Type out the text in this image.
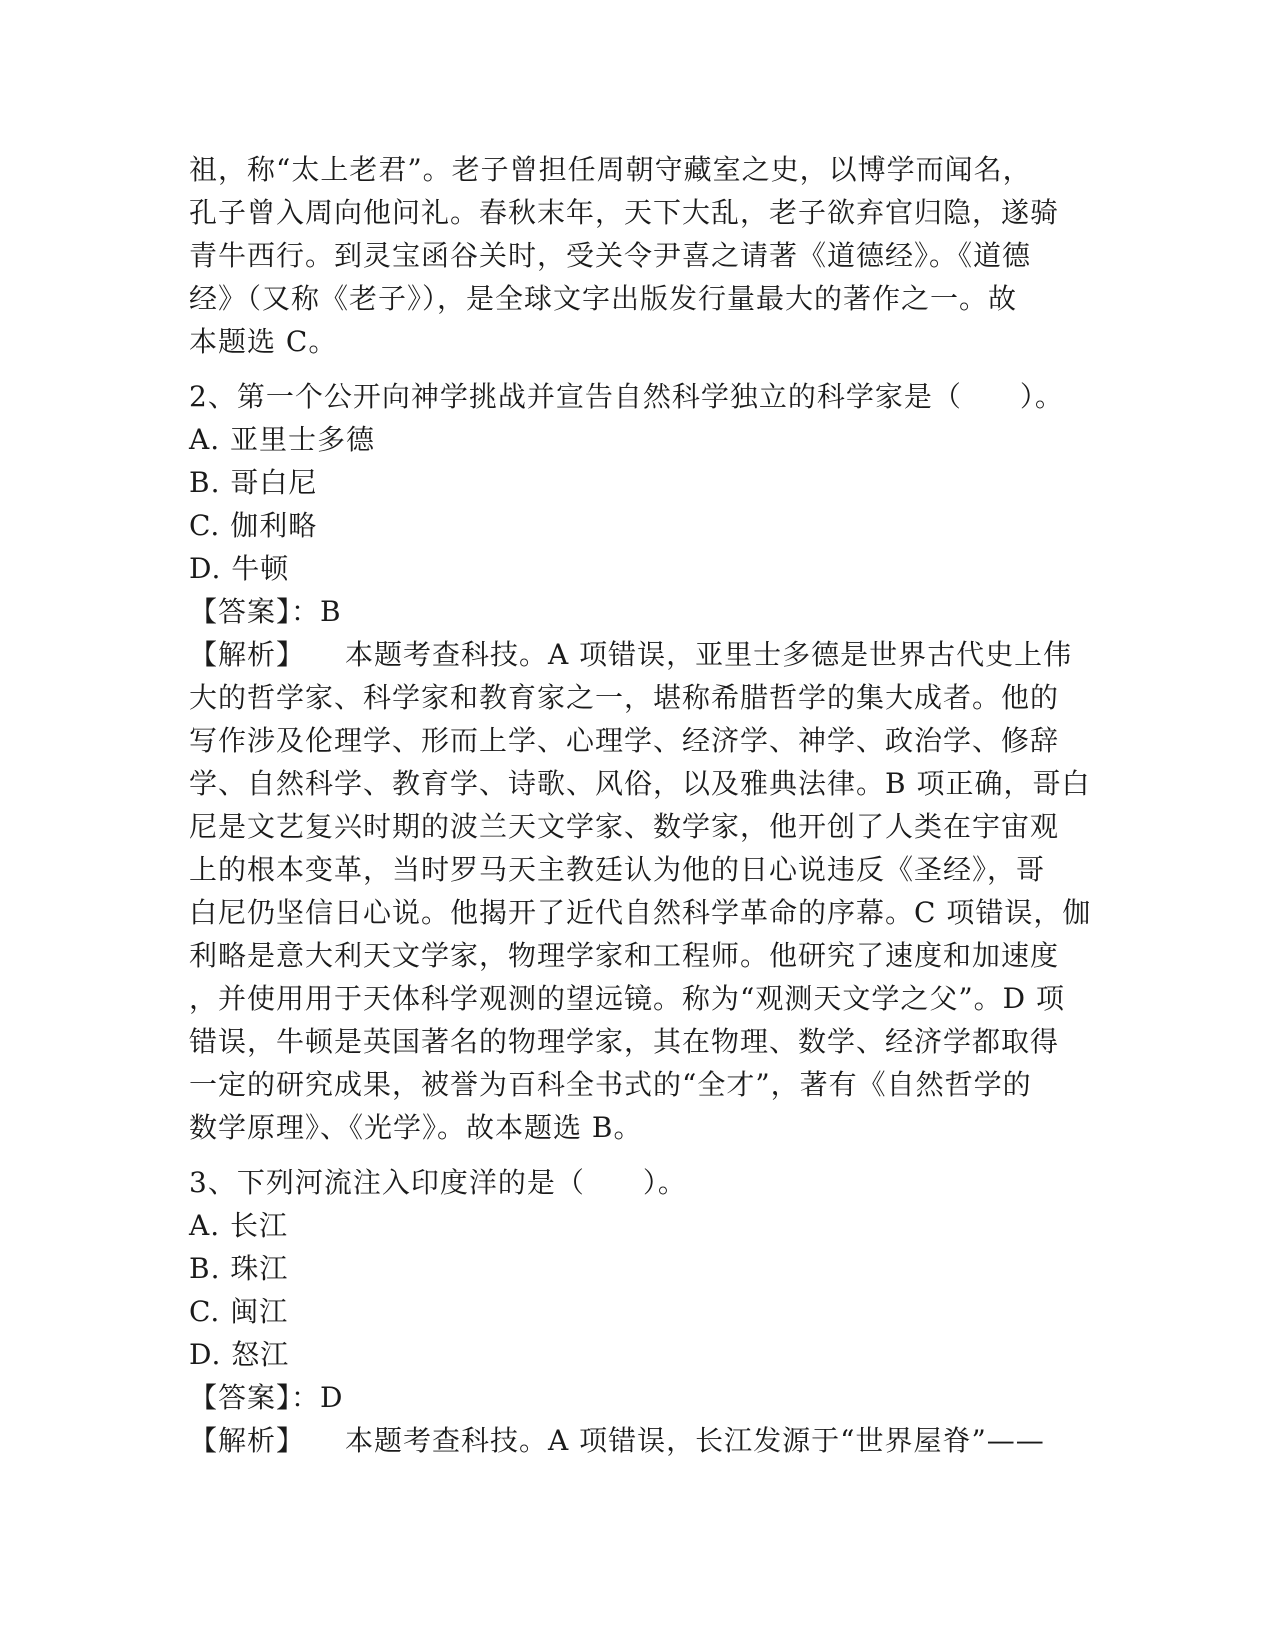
祖，称“太上老君”。老子曾担任周朝守藏室之史，以博学而闻名，
孔子曾入周向他问礼。春秋末年，天下大乱，老子欲弃官归隐，遂骑
青牛西行。到灵宝函谷关时，受关令尹喜之请著《道德经》。《道德
经》（又称《老子》），是全球文字出版发行量最大的著作之一。故
本题选 C。
2、第一个公开向神学挑战并宣告自然科学独立的科学家是（　　）。
A. 亚里士多德
B. 哥白尼
C. 伽利略
D. 牛顿
【答案】：B
【解析】 本题考查科技。A 项错误，亚里士多德是世界古代史上伟
大的哲学家、科学家和教育家之一，堪称希腊哲学的集大成者。他的
写作涉及伦理学、形而上学、心理学、经济学、神学、政治学、修辞
学、自然科学、教育学、诗歌、风俗，以及雅典法律。B 项正确，哥白
尼是文艺复兴时期的波兰天文学家、数学家，他开创了人类在宇宙观
上的根本变革，当时罗马天主教廷认为他的日心说违反《圣经》，哥
白尼仍坚信日心说。他揭开了近代自然科学革命的序幕。C 项错误，伽
利略是意大利天文学家，物理学家和工程师。他研究了速度和加速度
，并使用用于天体科学观测的望远镜。称为“观测天文学之父”。D 项
错误，牛顿是英国著名的物理学家，其在物理、数学、经济学都取得
一定的研究成果，被誉为百科全书式的“全才”，著有《自然哲学的
数学原理》、《光学》。故本题选 B。
3、下列河流注入印度洋的是（　　）。
A. 长江
B. 珠江
C. 闽江
D. 怒江
【答案】：D
【解析】 本题考查科技。A 项错误，长江发源于“世界屋脊”——
